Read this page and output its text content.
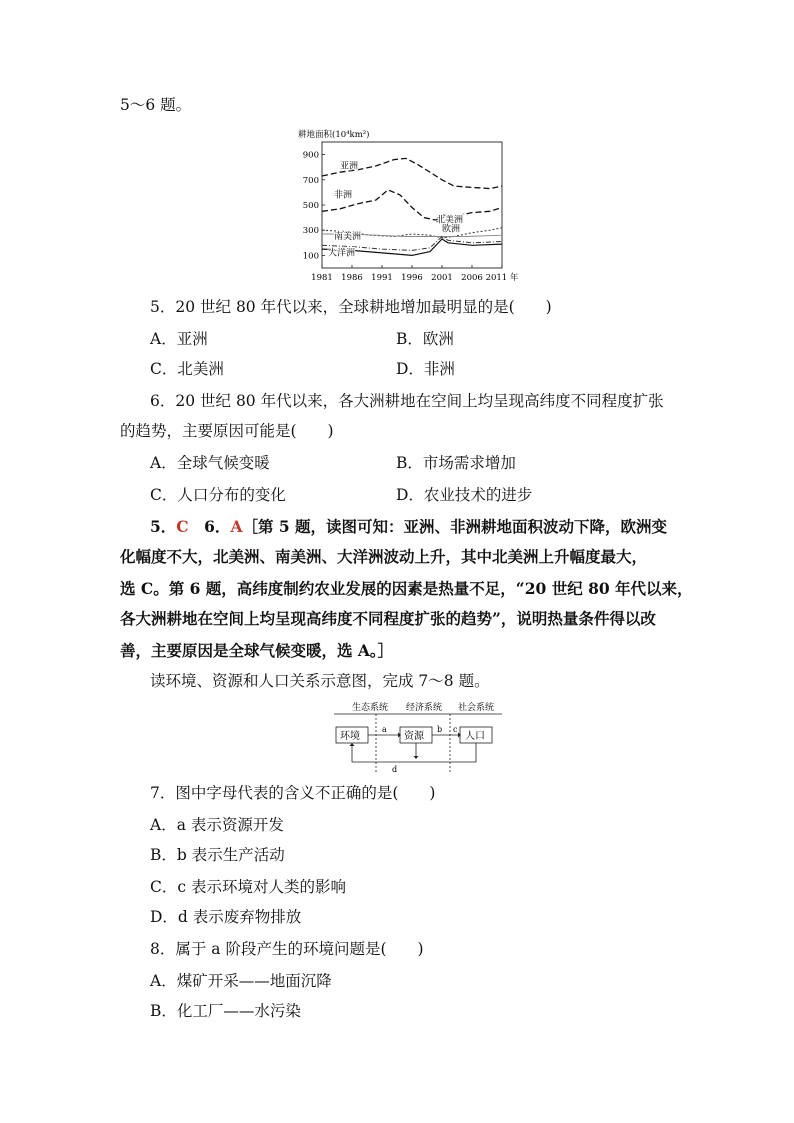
5～6 题。
耕地面积(10⁴km²)
900
700
500
300
100
1981 1986 1991 1996 2001 2006 2011 年
亚洲
非洲
北美洲
欧洲
南美洲
大洋洲
5．20 世纪 80 年代以来，全球耕地增加最明显的是(　　)
A．亚洲	B．欧洲
C．北美洲	D．非洲
6．20 世纪 80 年代以来，各大洲耕地在空间上均呈现高纬度不同程度扩张
的趋势，主要原因可能是(　　)
A．全球气候变暖	B．市场需求增加
C．人口分布的变化	D．农业技术的进步
5．C　6．A［第 5 题，读图可知：亚洲、非洲耕地面积波动下降，欧洲变
化幅度不大，北美洲、南美洲、大洋洲波动上升，其中北美洲上升幅度最大，
选 C。第 6 题，高纬度制约农业发展的因素是热量不足，“20 世纪 80 年代以来，
各大洲耕地在空间上均呈现高纬度不同程度扩张的趋势”，说明热量条件得以改
善，主要原因是全球气候变暖，选 A。］
读环境、资源和人口关系示意图，完成 7～8 题。
生态系统 经济系统 社会系统
环境	资源	人口
a	b c
d
7．图中字母代表的含义不正确的是(　　)
A．a 表示资源开发
B．b 表示生产活动
C．c 表示环境对人类的影响
D．d 表示废弃物排放
8．属于 a 阶段产生的环境问题是(　　)
A．煤矿开采——地面沉降
B．化工厂——水污染
